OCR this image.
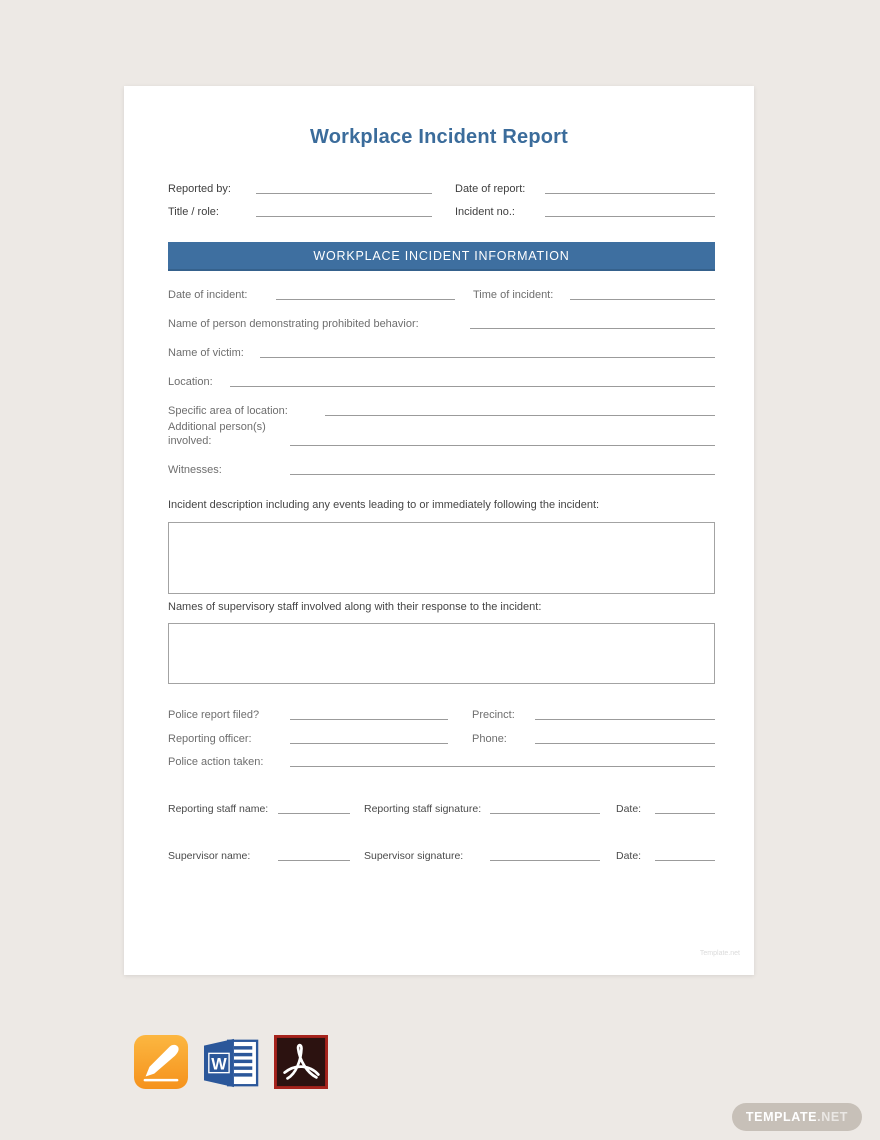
Workplace Incident Report
Reported by:	Date of report:
Title / role:	Incident no.:
WORKPLACE INCIDENT INFORMATION
Date of incident:	Time of incident:
Name of person demonstrating prohibited behavior:
Name of victim:
Location:
Specific area of location:
Additional person(s) involved:
Witnesses:
Incident description including any events leading to or immediately following the incident:
Names of supervisory staff involved along with their response to the incident:
Police report filed?	Precinct:
Reporting officer:	Phone:
Police action taken:
Reporting staff name:	Reporting staff signature:	Date:
Supervisor name:	Supervisor signature:	Date:
Template.net
W
TEMPLATE.NET
